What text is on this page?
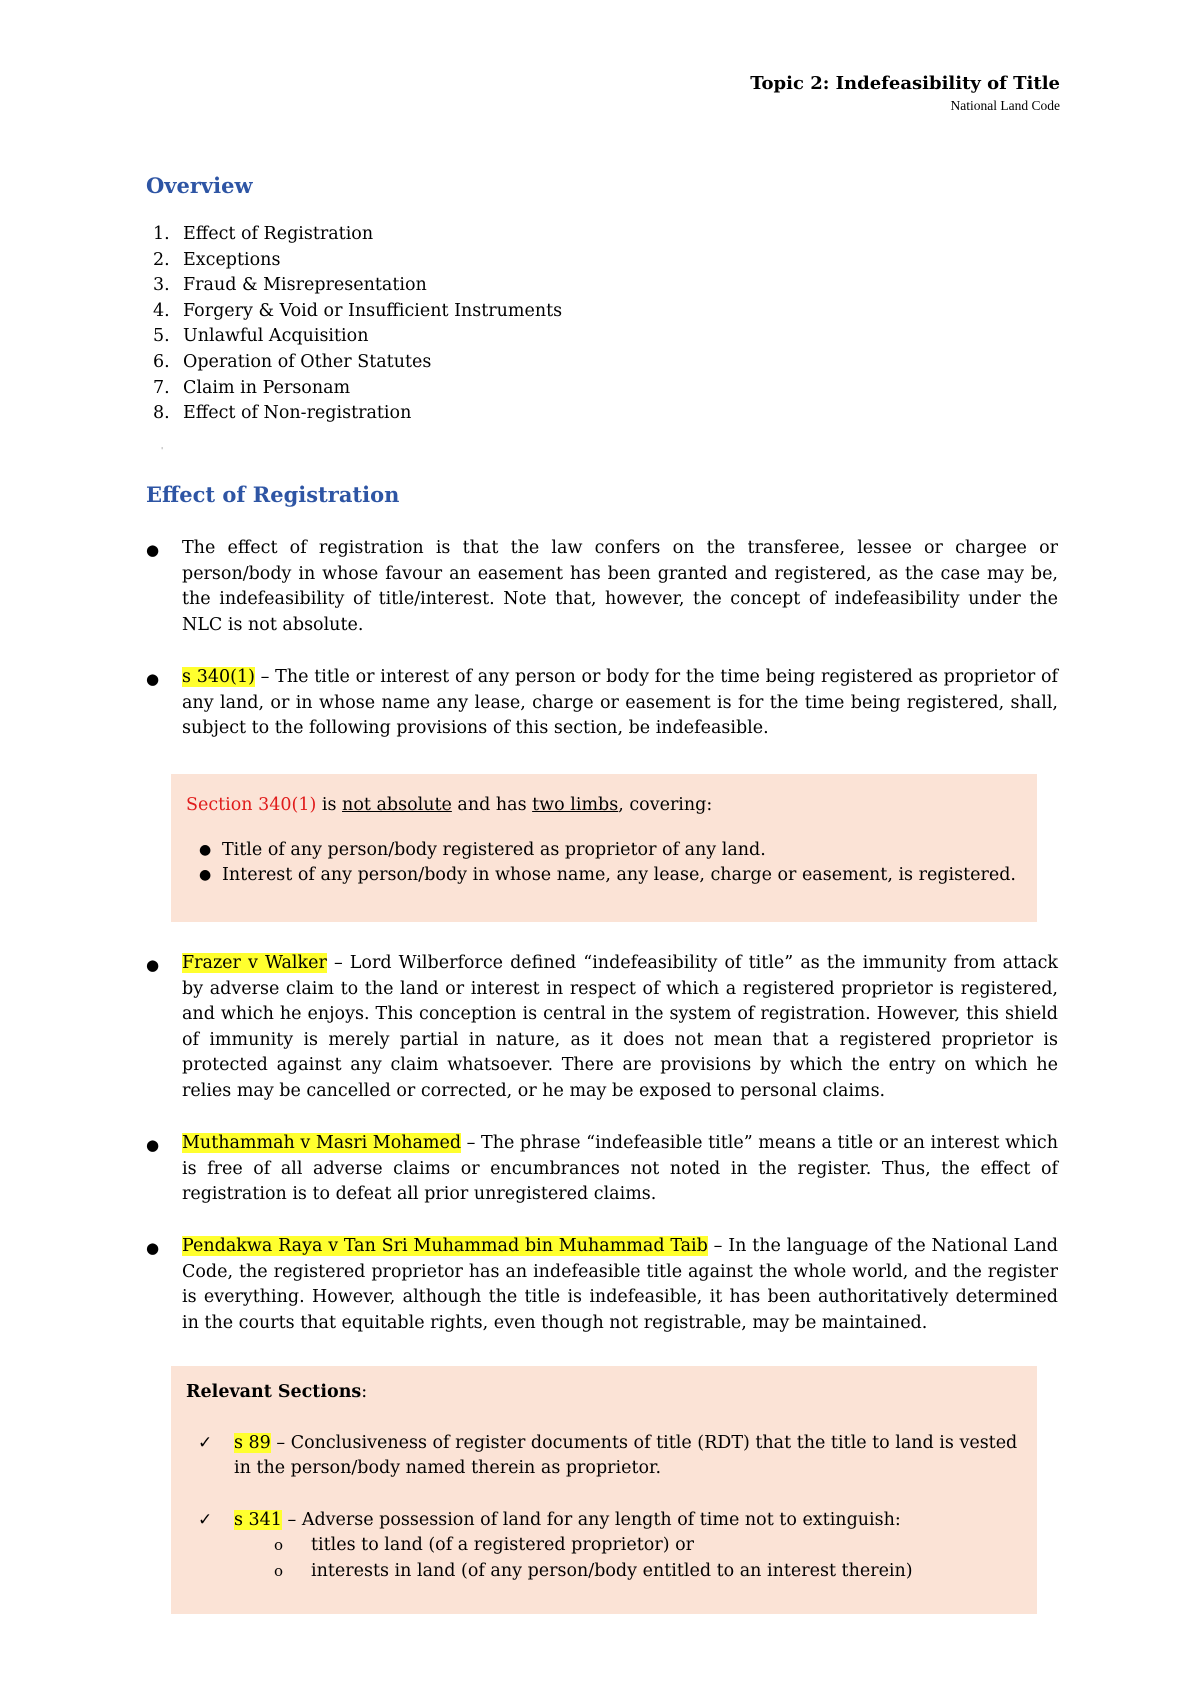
Topic 2: Indefeasibility of Title
National Land Code
Overview
1. Effect of Registration
2. Exceptions
3. Fraud & Misrepresentation
4. Forgery & Void or Insufficient Instruments
5. Unlawful Acquisition
6. Operation of Other Statutes
7. Claim in Personam
8. Effect of Non-registration
'
Effect of Registration
● The effect of registration is that the law confers on the transferee, lessee or chargee or person/body in whose favour an easement has been granted and registered, as the case may be, the indefeasibility of title/interest. Note that, however, the concept of indefeasibility under the NLC is not absolute.

● s 340(1) – The title or interest of any person or body for the time being registered as proprietor of any land, or in whose name any lease, charge or easement is for the time being registered, shall, subject to the following provisions of this section, be indefeasible.

Section 340(1) is not absolute and has two limbs, covering:
● Title of any person/body registered as proprietor of any land.
● Interest of any person/body in whose name, any lease, charge or easement, is registered.
● Frazer v Walker – Lord Wilberforce defined “indefeasibility of title” as the immunity from attack by adverse claim to the land or interest in respect of which a registered proprietor is registered, and which he enjoys. This conception is central in the system of registration. However, this shield of immunity is merely partial in nature, as it does not mean that a registered proprietor is protected against any claim whatsoever. There are provisions by which the entry on which he relies may be cancelled or corrected, or he may be exposed to personal claims.

● Muthammah v Masri Mohamed – The phrase “indefeasible title” means a title or an interest which is free of all adverse claims or encumbrances not noted in the register. Thus, the effect of registration is to defeat all prior unregistered claims.

● Pendakwa Raya v Tan Sri Muhammad bin Muhammad Taib – In the language of the National Land Code, the registered proprietor has an indefeasible title against the whole world, and the register is everything. However, although the title is indefeasible, it has been authoritatively determined in the courts that equitable rights, even though not registrable, may be maintained.

Relevant Sections:
✓ s 89 – Conclusiveness of register documents of title (RDT) that the title to land is vested in the person/body named therein as proprietor.
✓ s 341 – Adverse possession of land for any length of time not to extinguish:
o titles to land (of a registered proprietor) or
o interests in land (of any person/body entitled to an interest therein)
